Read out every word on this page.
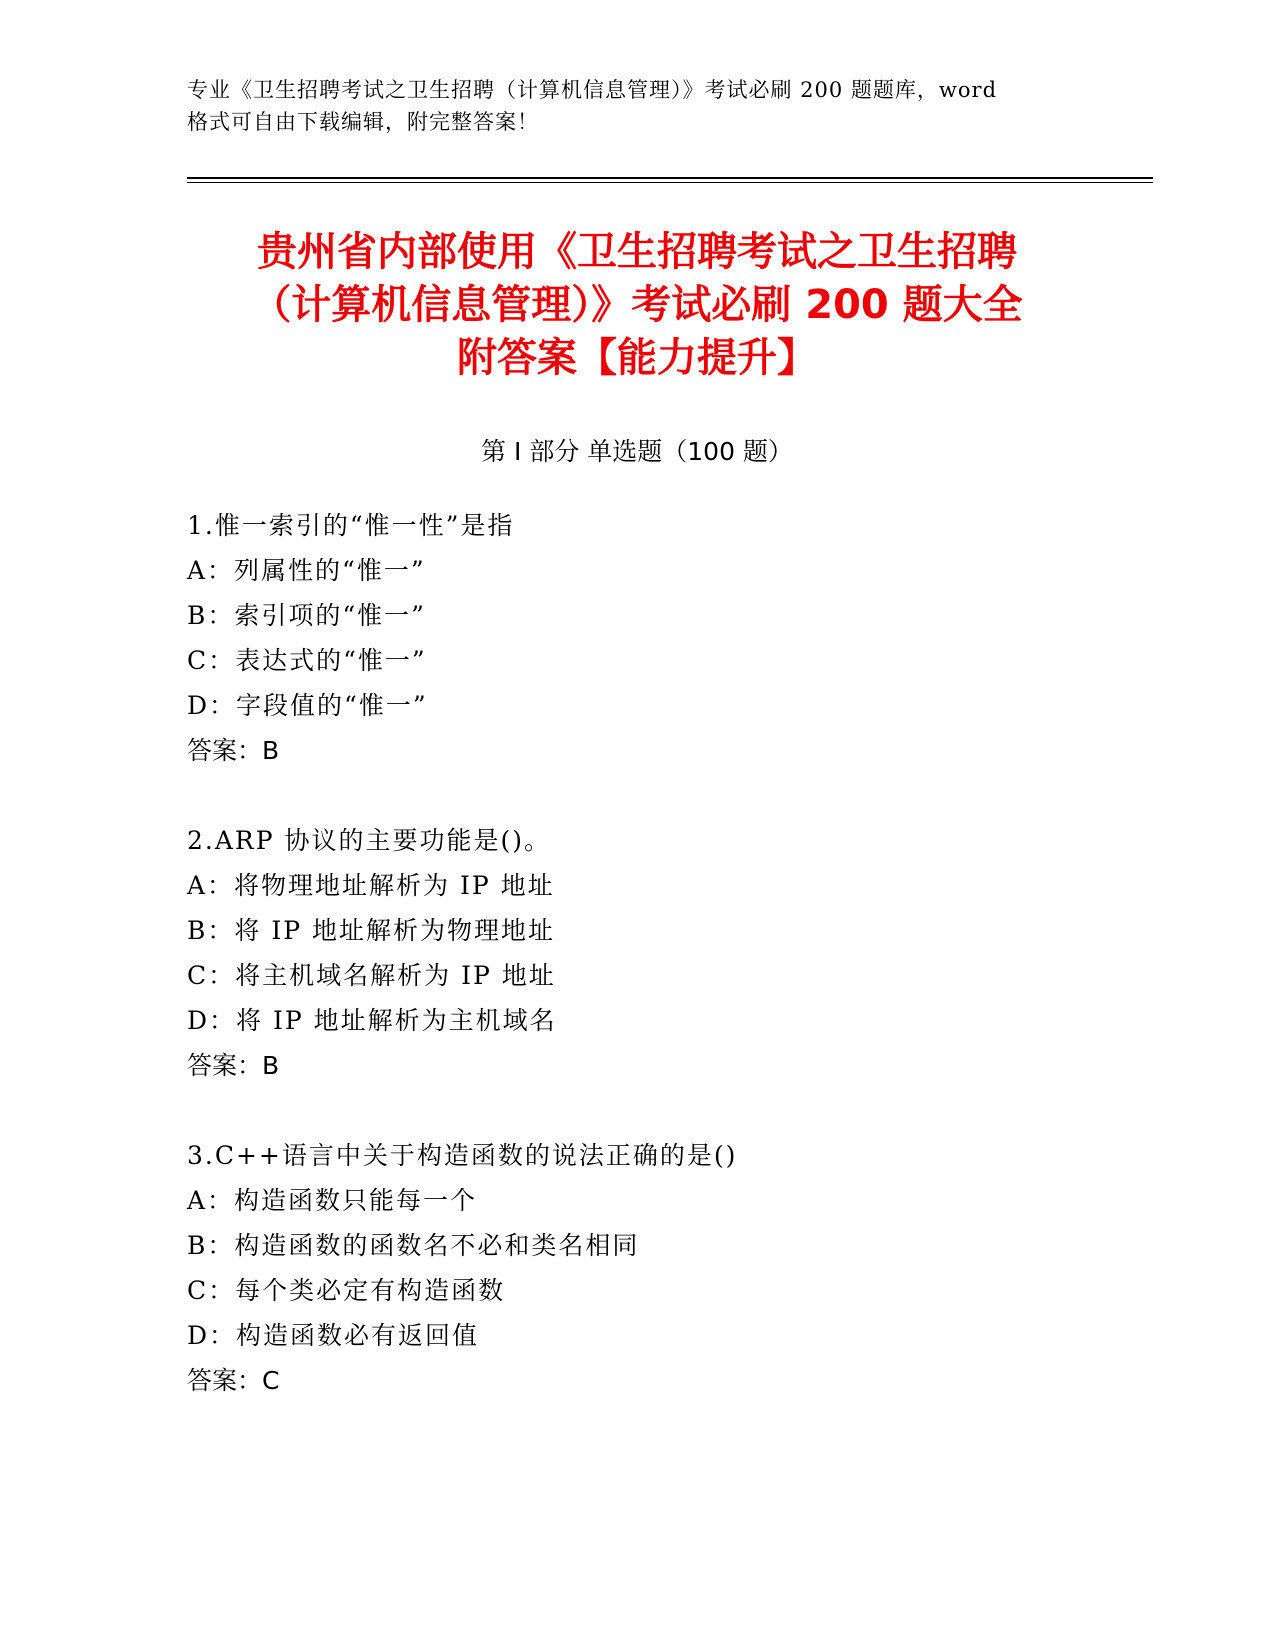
专业《卫生招聘考试之卫生招聘（计算机信息管理）》考试必刷 200 题题库，word
格式可自由下载编辑，附完整答案！
贵州省内部使用《卫生招聘考试之卫生招聘
（计算机信息管理）》考试必刷 200 题大全
附答案【能力提升】
第 I 部分 单选题（100 题）
1.惟一索引的“惟一性”是指
A：列属性的“惟一”
B：索引项的“惟一”
C：表达式的“惟一”
D：字段值的“惟一”
答案：B
2.ARP 协议的主要功能是()。
A：将物理地址解析为 IP 地址
B：将 IP 地址解析为物理地址
C：将主机域名解析为 IP 地址
D：将 IP 地址解析为主机域名
答案：B
3.C++语言中关于构造函数的说法正确的是()
A：构造函数只能每一个
B：构造函数的函数名不必和类名相同
C：每个类必定有构造函数
D：构造函数必有返回值
答案：C
